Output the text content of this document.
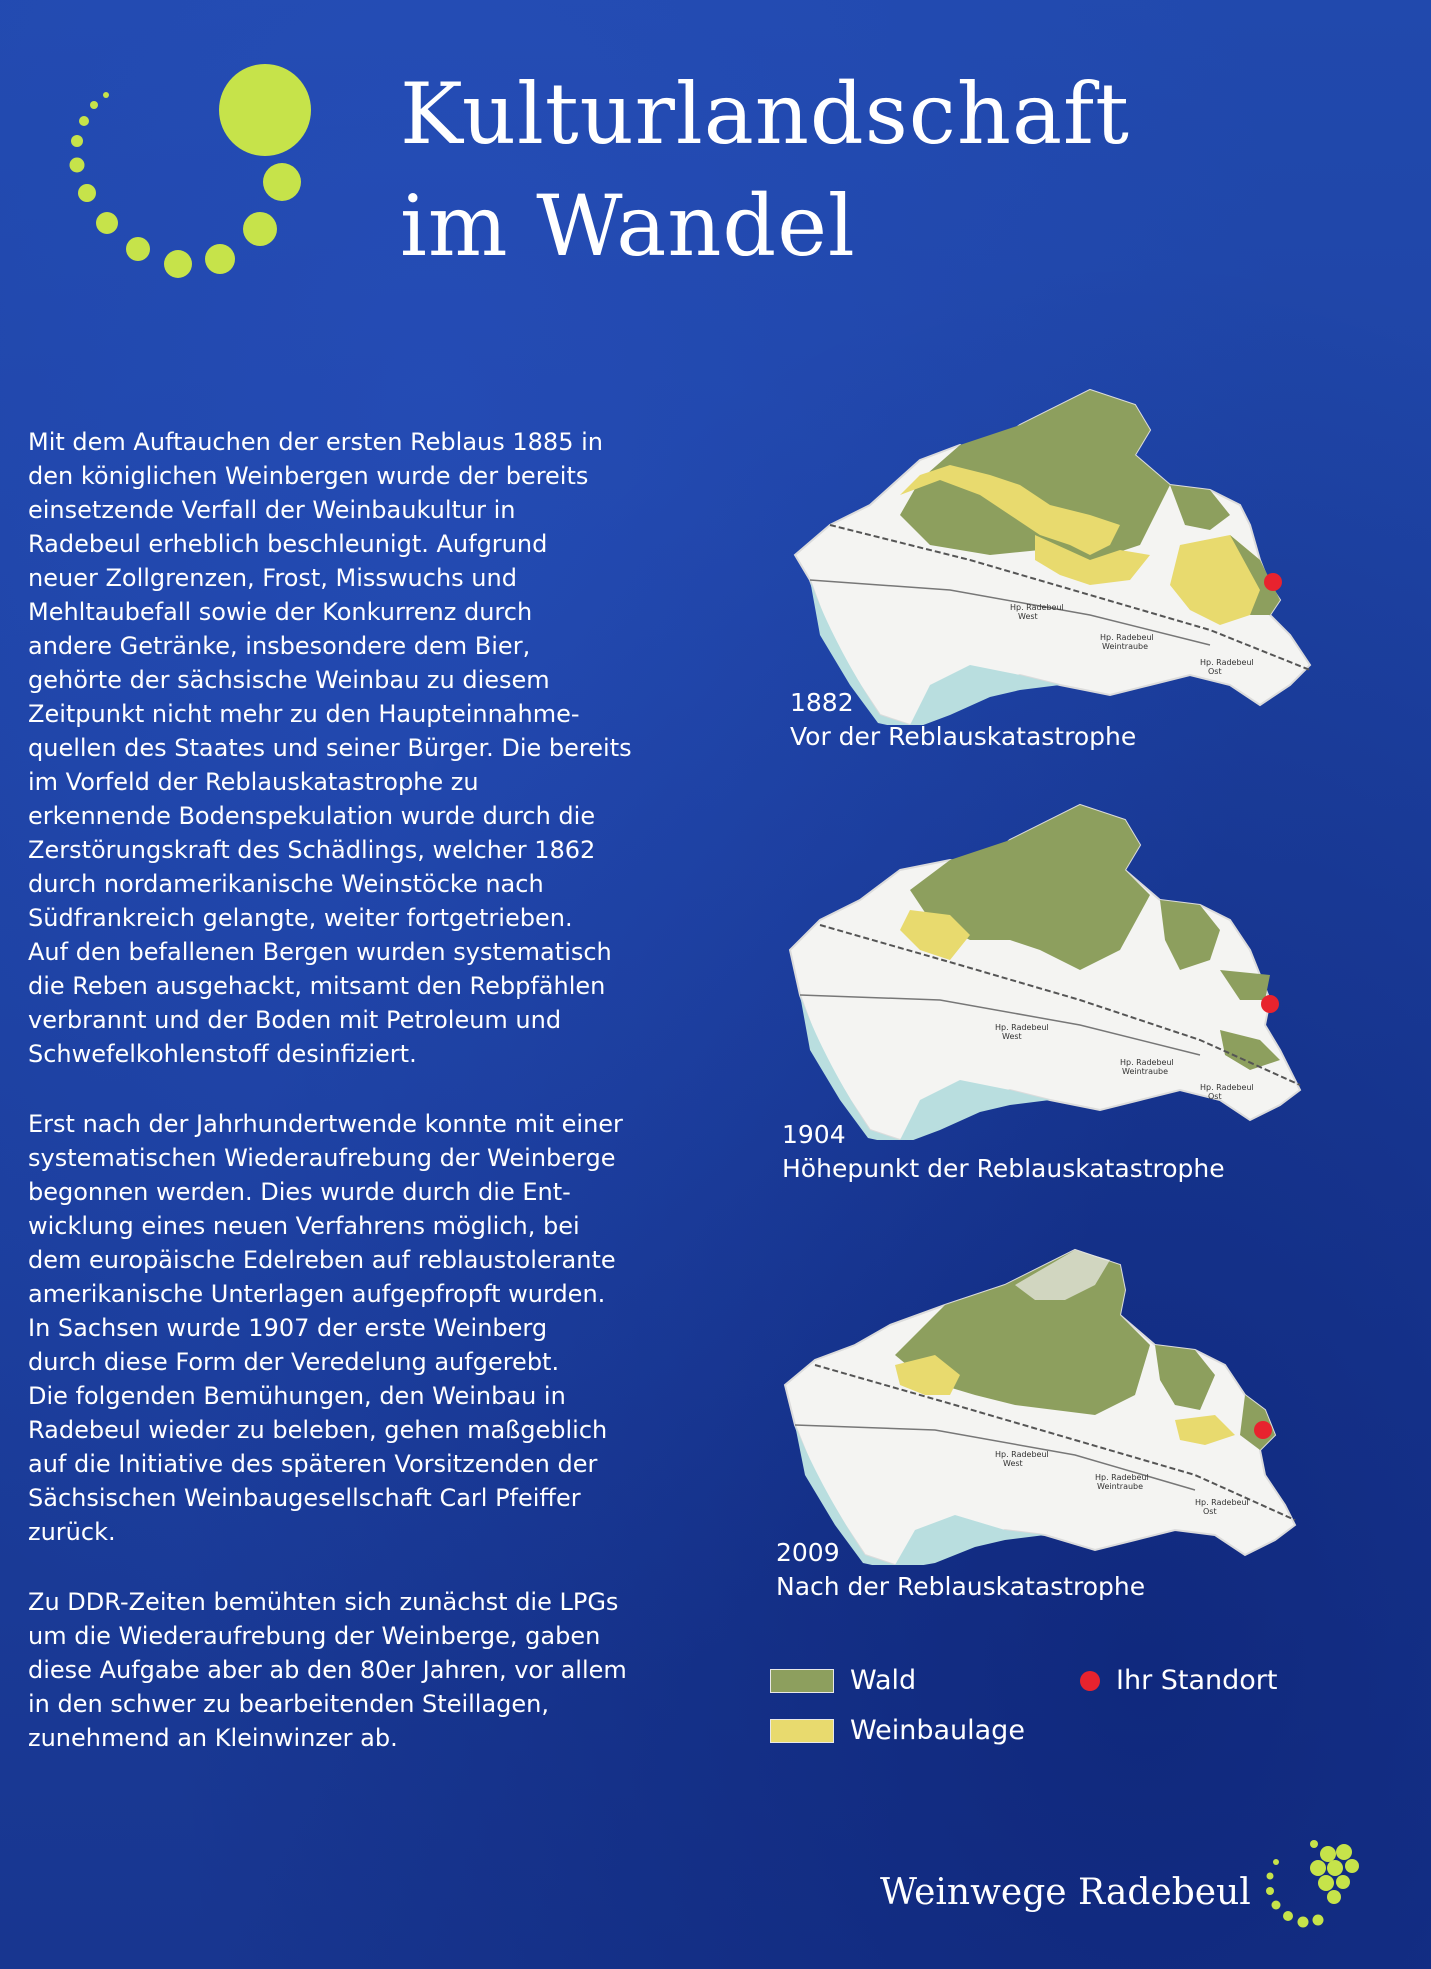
Kulturlandschaft
im Wandel

Mit dem Auftauchen der ersten Reblaus 1885 in
den königlichen Weinbergen wurde der bereits
einsetzende Verfall der Weinbaukultur in
Radebeul erheblich beschleunigt. Aufgrund
neuer Zollgrenzen, Frost, Misswuchs und
Mehltaubefall sowie der Konkurrenz durch
andere Getränke, insbesondere dem Bier,
gehörte der sächsische Weinbau zu diesem
Zeitpunkt nicht mehr zu den Haupteinnahme-
quellen des Staates und seiner Bürger. Die bereits
im Vorfeld der Reblauskatastrophe zu
erkennende Bodenspekulation wurde durch die
Zerstörungskraft des Schädlings, welcher 1862
durch nordamerikanische Weinstöcke nach
Südfrankreich gelangte, weiter fortgetrieben.
Auf den befallenen Bergen wurden systematisch
die Reben ausgehackt, mitsamt den Rebpfählen
verbrannt und der Boden mit Petroleum und
Schwefelkohlenstoff desinfiziert.

Erst nach der Jahrhundertwende konnte mit einer
systematischen Wiederaufrebung der Weinberge
begonnen werden. Dies wurde durch die Ent-
wicklung eines neuen Verfahrens möglich, bei
dem europäische Edelreben auf reblaustolerante
amerikanische Unterlagen aufgepfropft wurden.
In Sachsen wurde 1907 der erste Weinberg
durch diese Form der Veredelung aufgerebt.
Die folgenden Bemühungen, den Weinbau in
Radebeul wieder zu beleben, gehen maßgeblich
auf die Initiative des späteren Vorsitzenden der
Sächsischen Weinbaugesellschaft Carl Pfeiffer
zurück.

Zu DDR-Zeiten bemühten sich zunächst die LPGs
um die Wiederaufrebung der Weinberge, gaben
diese Aufgabe aber ab den 80er Jahren, vor allem
in den schwer zu bearbeitenden Steillagen,
zunehmend an Kleinwinzer ab.

Hp. Radebeul West
Hp. Radebeul Weintraube
Hp. Radebeul Ost
1882
Vor der Reblauskatastrophe
Hp. Radebeul West
Hp. Radebeul Weintraube
Hp. Radebeul Ost
1904
Höhepunkt der Reblauskatastrophe
Hp. Radebeul West
Hp. Radebeul Weintraube
Hp. Radebeul Ost
2009
Nach der Reblauskatastrophe
Wald
Weinbaulage
Ihr Standort
Weinwege Radebeul
